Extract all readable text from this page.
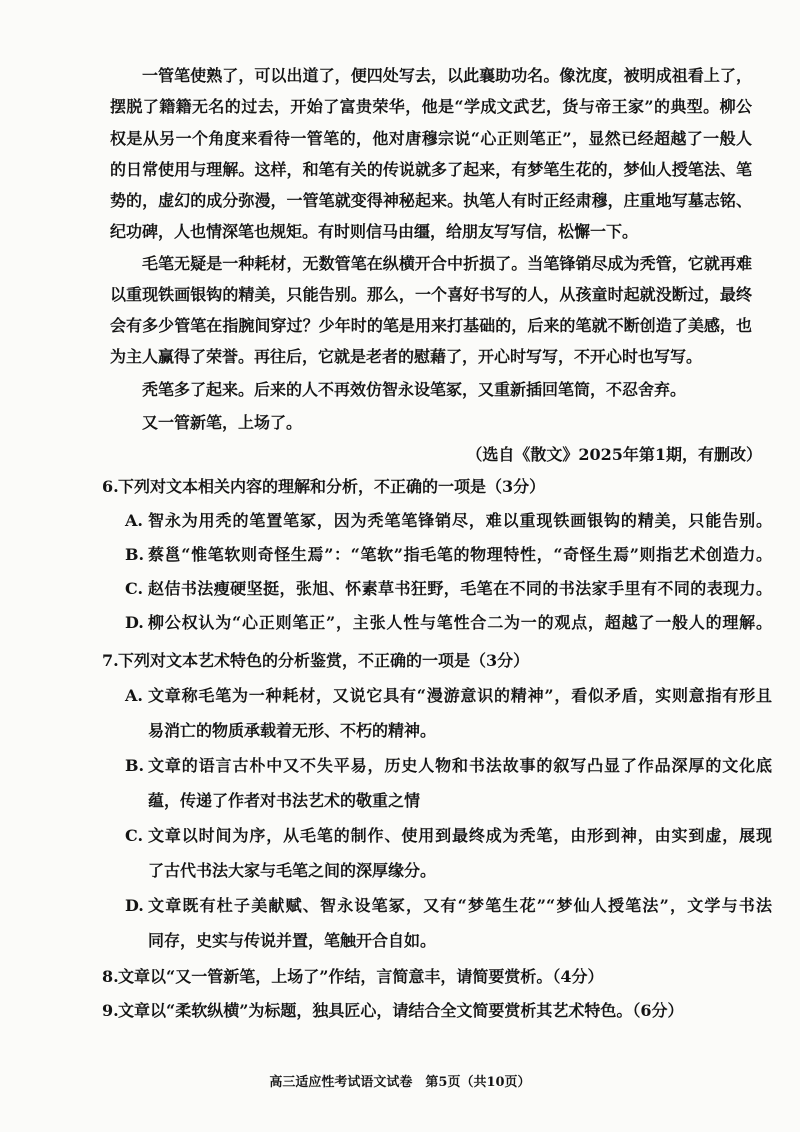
一管笔使熟了，可以出道了，便四处写去，以此襄助功名。像沈度，被明成祖看上了，
摆脱了籍籍无名的过去，开始了富贵荣华，他是“学成文武艺，货与帝王家”的典型。柳公
权是从另一个角度来看待一管笔的，他对唐穆宗说“心正则笔正”，显然已经超越了一般人
的日常使用与理解。这样，和笔有关的传说就多了起来，有梦笔生花的，梦仙人授笔法、笔
势的，虚幻的成分弥漫，一管笔就变得神秘起来。执笔人有时正经肃穆，庄重地写墓志铭、
纪功碑，人也情深笔也规矩。有时则信马由缰，给朋友写写信，松懈一下。
毛笔无疑是一种耗材，无数管笔在纵横开合中折损了。当笔锋销尽成为秃管，它就再难
以重现铁画银钩的精美，只能告别。那么，一个喜好书写的人，从孩童时起就没断过，最终
会有多少管笔在指腕间穿过？少年时的笔是用来打基础的，后来的笔就不断创造了美感，也
为主人赢得了荣誉。再往后，它就是老者的慰藉了，开心时写写，不开心时也写写。
秃笔多了起来。后来的人不再效仿智永设笔冢，又重新插回笔筒，不忍舍弃。
又一管新笔，上场了。
（选自《散文》2025年第1期，有删改）
6.下列对文本相关内容的理解和分析，不正确的一项是（3分）
A. 智永为用秃的笔置笔冢，因为秃笔笔锋销尽，难以重现铁画银钩的精美，只能告别。
B. 蔡邕“惟笔软则奇怪生焉”：“笔软”指毛笔的物理特性，“奇怪生焉”则指艺术创造力。
C. 赵佶书法瘦硬坚挺，张旭、怀素草书狂野，毛笔在不同的书法家手里有不同的表现力。
D. 柳公权认为“心正则笔正”，主张人性与笔性合二为一的观点，超越了一般人的理解。
7.下列对文本艺术特色的分析鉴赏，不正确的一项是（3分）
A. 文章称毛笔为一种耗材，又说它具有“漫游意识的精神”，看似矛盾，实则意指有形且
易消亡的物质承载着无形、不朽的精神。
B. 文章的语言古朴中又不失平易，历史人物和书法故事的叙写凸显了作品深厚的文化底
蕴，传递了作者对书法艺术的敬重之情
C. 文章以时间为序，从毛笔的制作、使用到最终成为秃笔，由形到神，由实到虚，展现
了古代书法大家与毛笔之间的深厚缘分。
D. 文章既有杜子美献赋、智永设笔冢，又有“梦笔生花”“梦仙人授笔法”，文学与书法
同存，史实与传说并置，笔触开合自如。
8.文章以“又一管新笔，上场了”作结，言简意丰，请简要赏析。（4分）
9.文章以“柔软纵横”为标题，独具匠心，请结合全文简要赏析其艺术特色。（6分）
高三适应性考试语文试卷　第5页（共10页）
